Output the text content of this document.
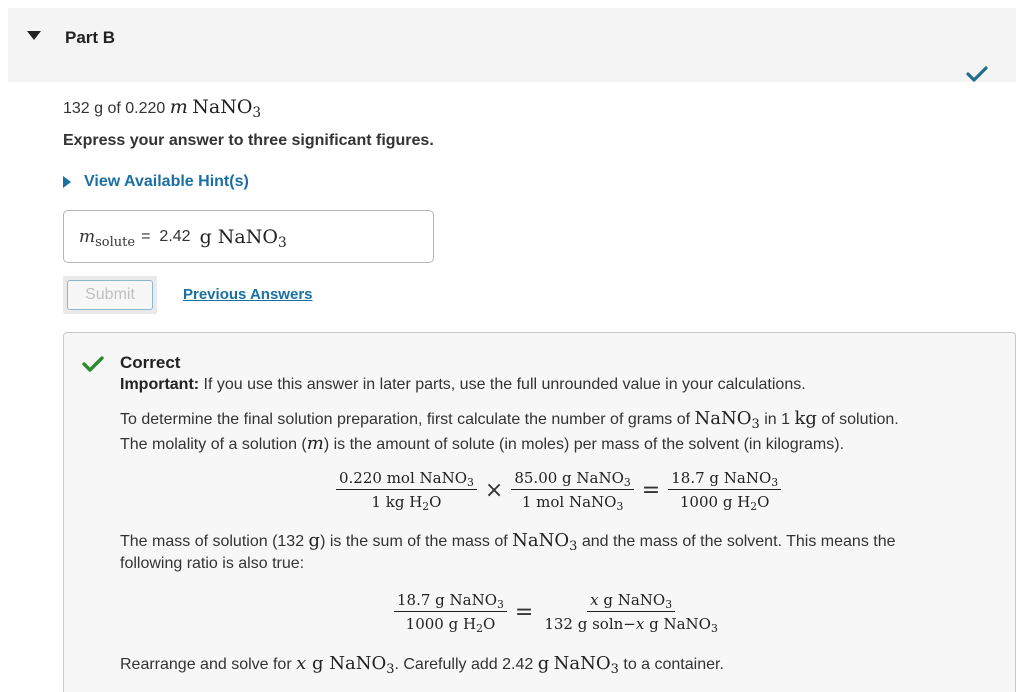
Part B
132 g of 0.220 m NaNO$_3$
Express your answer to three significant figures.
View Available Hint(s)
$m_{solute} = 2.42$ g NaNO$_3$
Submit	Previous Answers
Correct
Important: If you use this answer in later parts, use the full unrounded value in your calculations.
To determine the final solution preparation, first calculate the number of grams of NaNO$_3$ in 1 kg of solution.
The molality of a solution (m) is the amount of solute (in moles) per mass of the solvent (in kilograms).
$\frac{0.220 mol NaNO_3}{1 kg H_2O} \times \frac{85.00 g NaNO_3}{1 mol NaNO_3} = \frac{18.7 g NaNO_3}{1000 g H_2O}$
The mass of solution (132 g) is the sum of the mass of NaNO$_3$ and the mass of the solvent. This means the
following ratio is also true:
$\frac{18.7 g NaNO_3}{1000 g H_2O} = \frac{x g NaNO_3}{132 g soln-x g NaNO_3}$
Rearrange and solve for x g NaNO$_3$. Carefully add 2.42 g NaNO$_3$ to a container.
